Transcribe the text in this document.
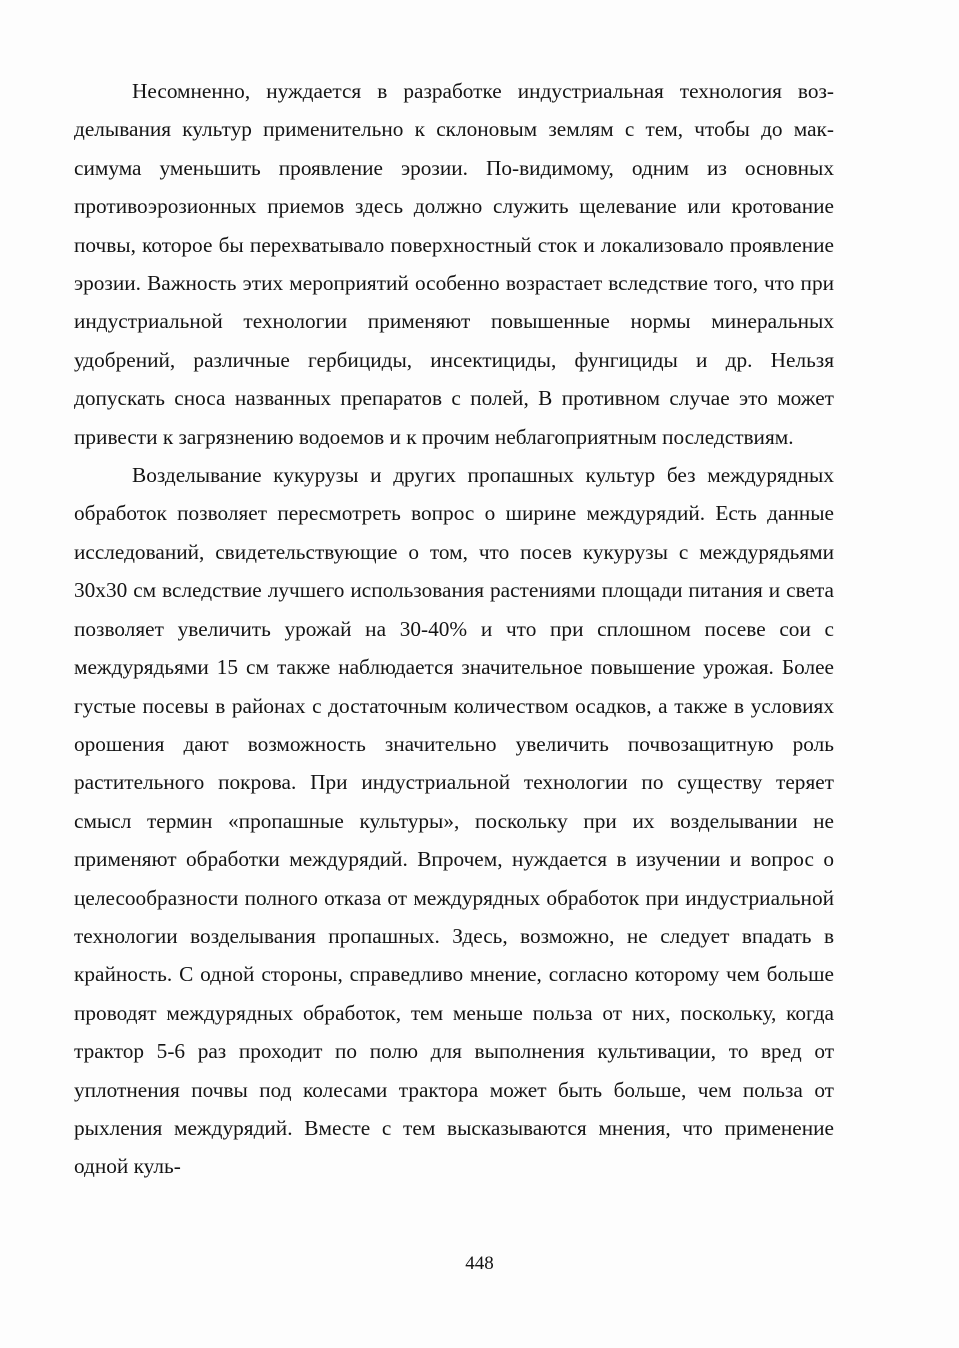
Несомненно, нуждается в разработке индустриальная технология возделывания культур применительно к склоновым землям с тем, чтобы до максимума уменьшить проявление эрозии. По-видимому, одним из основных противоэрозионных приемов здесь должно служить щелевание или кротование почвы, которое бы перехватывало поверхностный сток и локализовало проявление эрозии. Важность этих мероприятий особенно возрастает вследствие того, что при индустриальной технологии применяют повышенные нормы минеральных удобрений, различные гербициды, инсектициды, фунгициды и др. Нельзя допускать сноса названных препаратов с полей, В противном случае это может привести к загрязнению водоемов и к прочим неблагоприятным последствиям.

Возделывание кукурузы и других пропашных культур без междурядных обработок позволяет пересмотреть вопрос о ширине междурядий. Есть данные исследований, свидетельствующие о том, что посев кукурузы с междурядьями 30х30 см вследствие лучшего использования растениями площади питания и света позволяет увеличить урожай на 30-40% и что при сплошном посеве сои с междурядьями 15 см также наблюдается значительное повышение урожая. Более густые посевы в районах с достаточным количеством осадков, а также в условиях орошения дают возможность значительно увеличить почвозащитную роль растительного покрова. При индустриальной технологии по существу теряет смысл термин «пропашные культуры», поскольку при их возделывании не применяют обработки междурядий. Впрочем, нуждается в изучении и вопрос о целесообразности полного отказа от междурядных обработок при индустриальной технологии возделывания пропашных. Здесь, возможно, не следует впадать в крайность. С одной стороны, справедливо мнение, согласно которому чем больше проводят междурядных обработок, тем меньше польза от них, поскольку, когда трактор 5-6 раз проходит по полю для выполнения культивации, то вред от уплотнения почвы под колесами трактора может быть больше, чем польза от рыхления междурядий. Вместе с тем высказываются мнения, что применение одной куль-

448
